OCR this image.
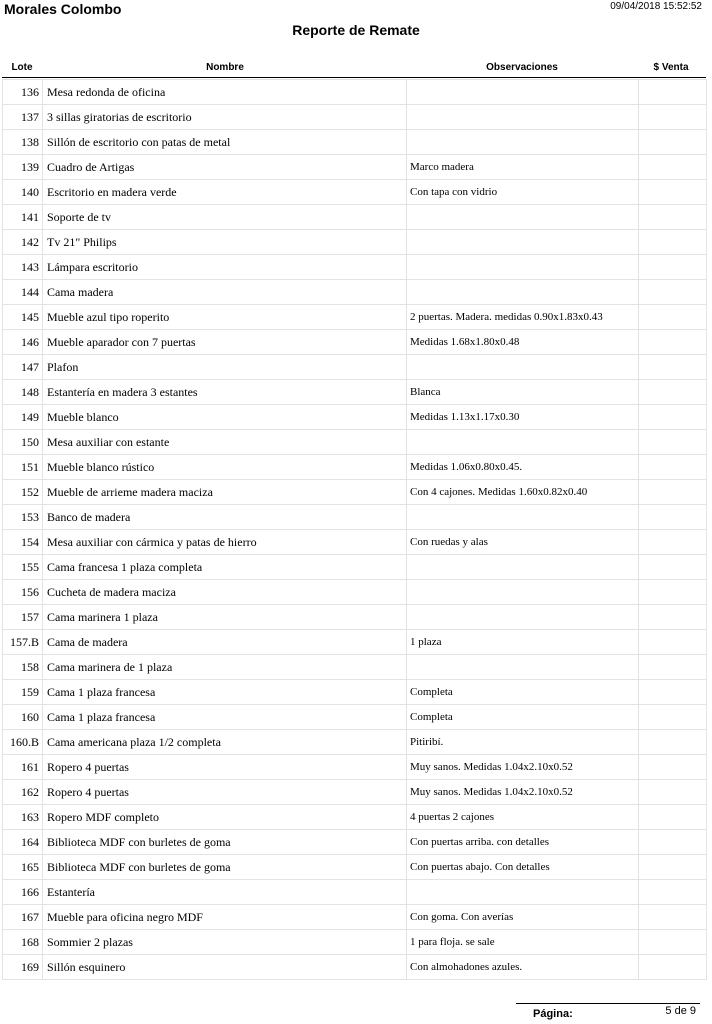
Morales Colombo	09/04/2018 15:52:52
Reporte de Remate
Lote	Nombre	Observaciones	$ Venta
136	Mesa redonda de oficina		
137	3 sillas giratorias de escritorio		
138	Sillón de escritorio con patas de metal		
139	Cuadro de Artigas	Marco madera	
140	Escritorio en madera verde	Con tapa con vidrio	
141	Soporte de tv		
142	Tv 21" Philips		
143	Lámpara escritorio		
144	Cama madera		
145	Mueble azul tipo roperito	2 puertas. Madera. medidas 0.90x1.83x0.43	
146	Mueble aparador con 7 puertas	Medidas 1.68x1.80x0.48	
147	Plafon		
148	Estantería en madera 3 estantes	Blanca	
149	Mueble blanco	Medidas 1.13x1.17x0.30	
150	Mesa auxiliar con estante		
151	Mueble blanco rústico	Medidas 1.06x0.80x0.45.	
152	Mueble de arrieme madera maciza	Con 4 cajones. Medidas 1.60x0.82x0.40	
153	Banco de madera		
154	Mesa auxiliar con cármica y patas de hierro	Con ruedas y alas	
155	Cama francesa 1 plaza completa		
156	Cucheta de madera maciza		
157	Cama marinera 1 plaza		
157.B	Cama de madera	1 plaza	
158	Cama marinera de 1 plaza		
159	Cama 1 plaza francesa	Completa	
160	Cama 1 plaza francesa	Completa	
160.B	Cama americana plaza 1/2 completa	Pitiribí.	
161	Ropero 4 puertas	Muy sanos. Medidas 1.04x2.10x0.52	
162	Ropero 4 puertas	Muy sanos. Medidas 1.04x2.10x0.52	
163	Ropero MDF completo	4 puertas 2 cajones	
164	Biblioteca MDF con burletes de goma	Con puertas arriba. con detalles	
165	Biblioteca MDF con burletes de goma	Con puertas abajo. Con detalles	
166	Estantería		
167	Mueble para oficina negro MDF	Con goma. Con averías	
168	Sommier 2 plazas	1 para floja. se sale	
169	Sillón esquinero	Con almohadones azules.	
Página:	5 de 9
